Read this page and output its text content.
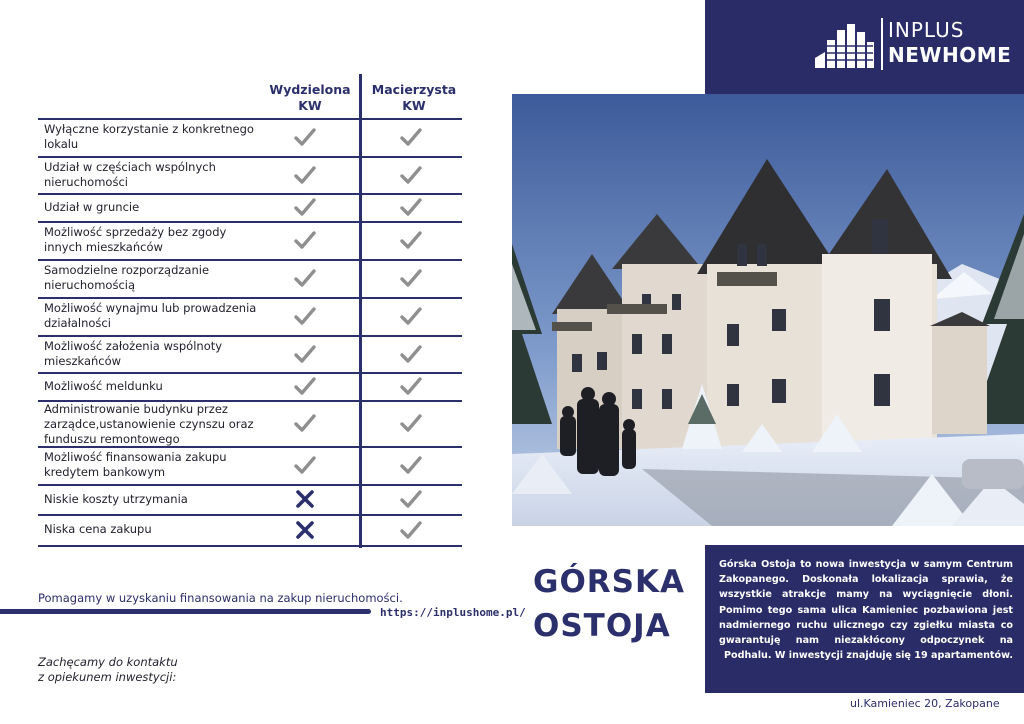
INPLUS
NEWHOME
Wydzielona
KW
Macierzysta
KW
Wyłączne korzystanie z konkretnego lokalu
Udział w częściach wspólnych nieruchomości
Udział w gruncie
Możliwość sprzedaży bez zgody innych mieszkańców
Samodzielne rozporządzanie nieruchomością
Możliwość wynajmu lub prowadzenia działalności
Możliwość założenia wspólnoty mieszkańców
Możliwość meldunku
Administrowanie budynku przez zarządce,ustanowienie czynszu oraz funduszu remontowego
Możliwość finansowania zakupu kredytem bankowym
Niskie koszty utrzymania
Niska cena zakupu
Pomagamy w uzyskaniu finansowania na zakup nieruchomości.
https://inplushome.pl/
Zachęcamy do kontaktu
z opiekunem inwestycji:
GÓRSKA
OSTOJA
Górska Ostoja to nowa inwestycja w samym Centrum Zakopanego. Doskonała lokalizacja sprawia, że wszystkie atrakcje mamy na wyciągnięcie dłoni. Pomimo tego sama ulica Kamieniec pozbawiona jest nadmiernego ruchu ulicznego czy zgiełku miasta co gwarantuję nam niezakłócony odpoczynek na Podhalu. W inwestycji znajduję się 19 apartamentów.
ul.Kamieniec 20, Zakopane
